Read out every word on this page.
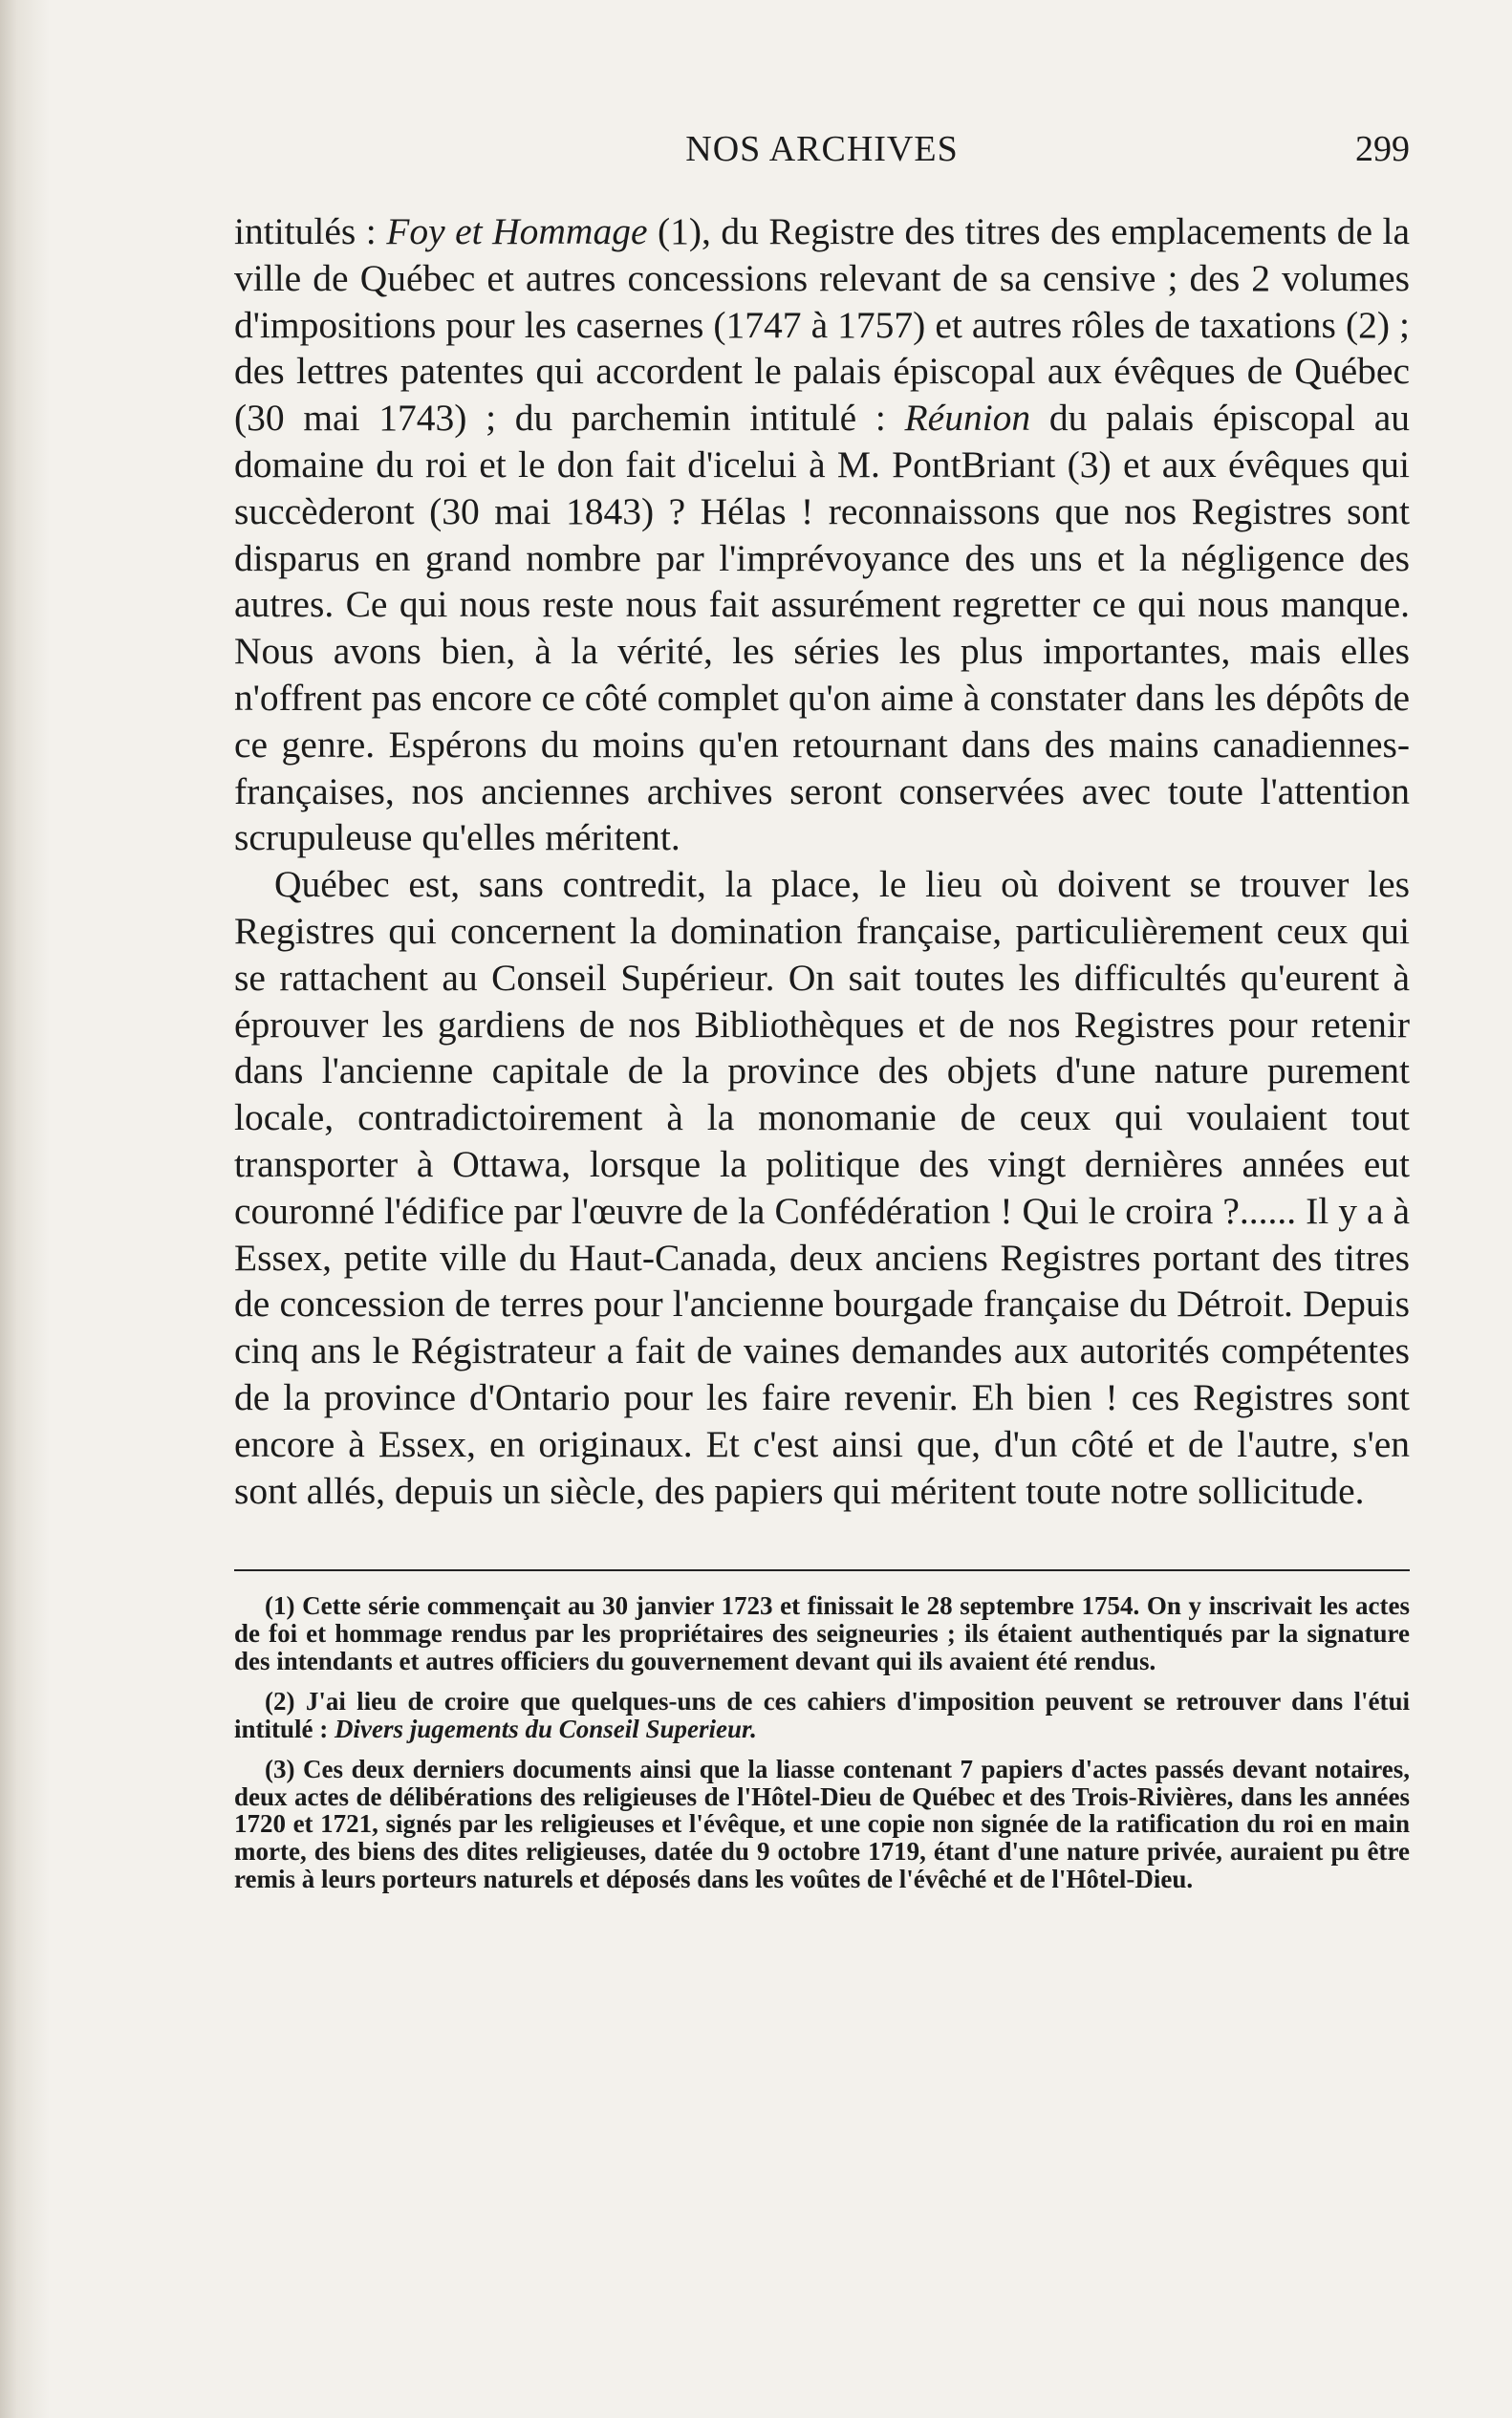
NOS ARCHIVES	299

intitulés : Foy et Hommage (1), du Registre des titres des emplacements de la ville de Québec et autres concessions relevant de sa censive ; des 2 volumes d'impositions pour les casernes (1747 à 1757) et autres rôles de taxations (2) ; des lettres patentes qui accordent le palais épiscopal aux évêques de Québec (30 mai 1743) ; du parchemin intitulé : Réunion du palais épiscopal au domaine du roi et le don fait d'icelui à M. PontBriant (3) et aux évêques qui succèderont (30 mai 1843) ? Hélas ! reconnaissons que nos Registres sont disparus en grand nombre par l'imprévoyance des uns et la négligence des autres. Ce qui nous reste nous fait assurément regretter ce qui nous manque. Nous avons bien, à la vérité, les séries les plus importantes, mais elles n'offrent pas encore ce côté complet qu'on aime à constater dans les dépôts de ce genre. Espérons du moins qu'en retournant dans des mains canadiennes-françaises, nos anciennes archives seront conservées avec toute l'attention scrupuleuse qu'elles méritent.

Québec est, sans contredit, la place, le lieu où doivent se trouver les Registres qui concernent la domination française, particulièrement ceux qui se rattachent au Conseil Supérieur. On sait toutes les difficultés qu'eurent à éprouver les gardiens de nos Bibliothèques et de nos Registres pour retenir dans l'ancienne capitale de la province des objets d'une nature purement locale, contradictoirement à la monomanie de ceux qui voulaient tout transporter à Ottawa, lorsque la politique des vingt dernières années eut couronné l'édifice par l'œuvre de la Confédération ! Qui le croira ?...... Il y a à Essex, petite ville du Haut-Canada, deux anciens Registres portant des titres de concession de terres pour l'ancienne bourgade française du Détroit. Depuis cinq ans le Régistrateur a fait de vaines demandes aux autorités compétentes de la province d'Ontario pour les faire revenir. Eh bien ! ces Registres sont encore à Essex, en originaux. Et c'est ainsi que, d'un côté et de l'autre, s'en sont allés, depuis un siècle, des papiers qui méritent toute notre sollicitude.

(1) Cette série commençait au 30 janvier 1723 et finissait le 28 septembre 1754. On y inscrivait les actes de foi et hommage rendus par les propriétaires des seigneuries ; ils étaient authentiqués par la signature des intendants et autres officiers du gouvernement devant qui ils avaient été rendus.

(2) J'ai lieu de croire que quelques-uns de ces cahiers d'imposition peuvent se retrouver dans l'étui intitulé : Divers jugements du Conseil Superieur.

(3) Ces deux derniers documents ainsi que la liasse contenant 7 papiers d'actes passés devant notaires, deux actes de délibérations des religieuses de l'Hôtel-Dieu de Québec et des Trois-Rivières, dans les années 1720 et 1721, signés par les religieuses et l'évêque, et une copie non signée de la ratification du roi en main morte, des biens des dites religieuses, datée du 9 octobre 1719, étant d'une nature privée, auraient pu être remis à leurs porteurs naturels et déposés dans les voûtes de l'évêché et de l'Hôtel-Dieu.
